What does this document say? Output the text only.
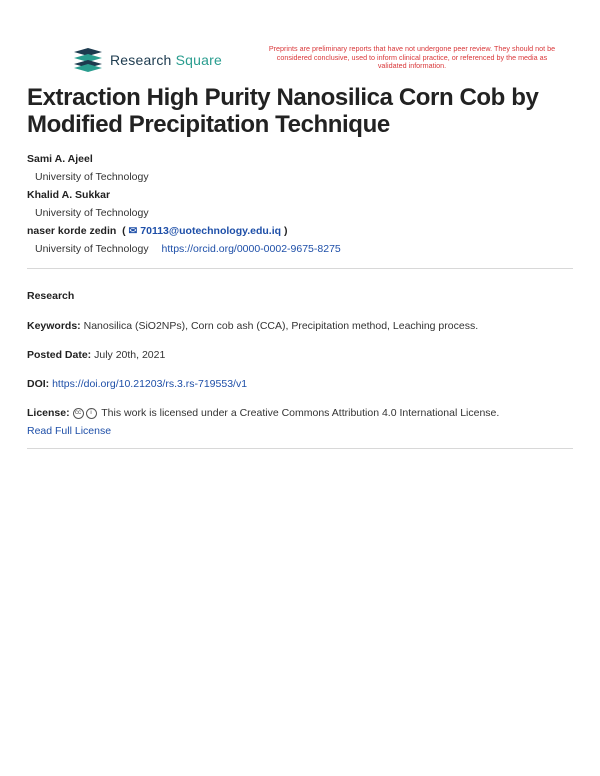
Research Square
Preprints are preliminary reports that have not undergone peer review. They should not be considered conclusive, used to inform clinical practice, or referenced by the media as validated information.
Extraction High Purity Nanosilica Corn Cob by Modified Precipitation Technique
Sami A. Ajeel
University of Technology
Khalid A. Sukkar
University of Technology
naser korde zedin  ( ✉ 70113@uotechnology.edu.iq )
University of Technology https://orcid.org/0000-0002-9675-8275
Research
Keywords: Nanosilica (SiO2NPs), Corn cob ash (CCA), Precipitation method, Leaching process.
Posted Date: July 20th, 2021
DOI: https://doi.org/10.21203/rs.3.rs-719553/v1
License: cc i This work is licensed under a Creative Commons Attribution 4.0 International License.
Read Full License
